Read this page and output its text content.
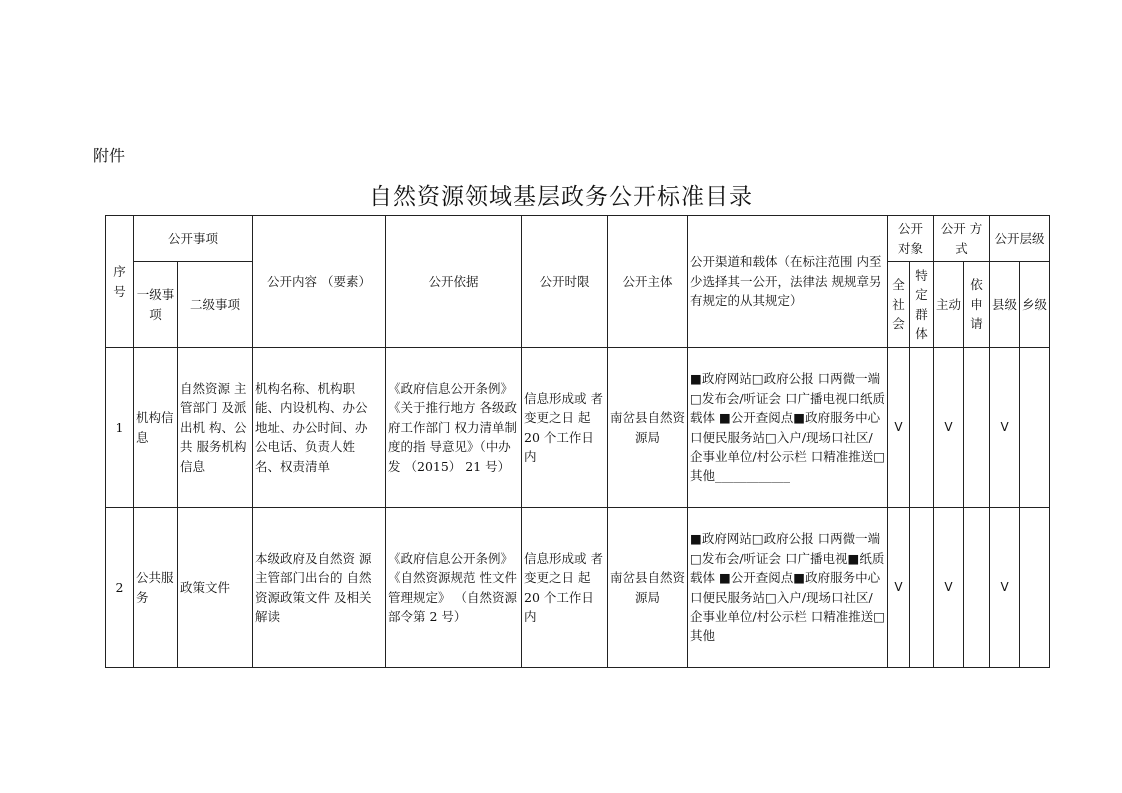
附件
自然资源领域基层政务公开标准目录
序号	公开事项		公开内容 （要素）	公开依据	公开时限	公开主体	公开渠道和载体（在标注范围 内至少选择其一公开，法律法 规规章另有规定的从其规定）	公开 对象		公开 方式		公开层级	
	一级事项	二级事项						全社会	特定群体	主动	依申请	县级	乡级
1	机构信息	自然资源 主管部门 及派出机 构、公共 服务机构信息	机构名称、机构职 能、内设机构、办公 地址、办公时间、办 公电话、负责人姓 名、权责清单	《政府信息公开条例》《关于推行地方 各级政府工作部门 权力清单制度的指 导意见》（中办发 （2015） 21 号）	信息形成或 者变更之日 起 20 个工作日内	南岔县自然资源局	■政府网站□政府公报 口两微一端□发布会/听证会 口广播电视口纸质载体 ■公开查阅点■政府服务中心 口便民服务站□入户/现场口社区/企事业单位/村公示栏 口精准推送□其他____________	V		V		V	
2	公共服务	政策文件	本级政府及自然资 源主管部门出台的 自然资源政策文件 及相关解读	《政府信息公开条例》《自然资源规范 性文件管理规定》 （自然资源部令第 2 号）	信息形成或 者变更之日 起 20 个工作日内	南岔县自然资源局	■政府网站□政府公报 口两微一端□发布会/听证会 口广播电视■纸质载体 ■公开查阅点■政府服务中心 口便民服务站□入户/现场口社区/企事业单位/村公示栏 口精准推送□其他	V		V		V	
